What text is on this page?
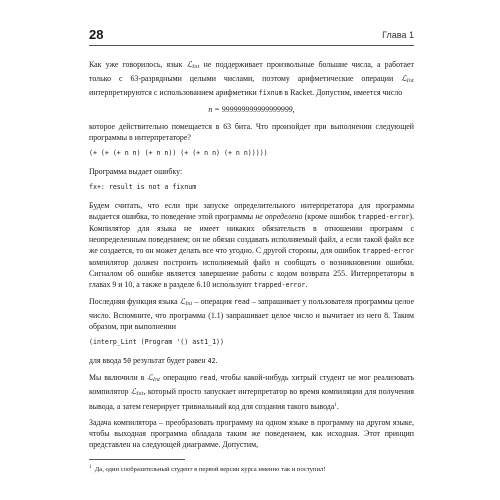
28	Глава 1

Как уже говорилось, язык ℒ$_{Int}$ не поддерживает произвольные большие числа, а работает только с 63-разрядными целыми числами, поэтому арифметические операции ℒ$_{Int}$ интерпретируются с использованием арифметики fixnum в Racket. Допустим, имеется число

n = 999999999999999999,

которое действительно помещается в 63 бита. Что произойдет при выполнении следующей программы в интерпретаторе?

(+ (+ (+ n n) (+ n n)) (+ (+ n n) (+ n n)))))

Программа выдает ошибку:

fx+: result is not a fixnum

Будем считать, что если при запуске определительного интерпретатора для программы выдается ошибка, то поведение этой программы не определено (кроме ошибок trapped-error). Компилятор для языка не имеет никаких обязательств в отношении программ с неопределенным поведением; он не обязан создавать исполняемый файл, а если такой файл все же создается, то он может делать все что угодно. С другой стороны, для ошибок trapped-error компилятор должен построить исполняемый файл и сообщать о возникновении ошибки. Сигналом об ошибке является завершение работы с кодом возврата 255. Интерпретаторы в главах 9 и 10, а также в разделе 6.10 используют trapped-error.

Последняя функция языка ℒ$_{Int}$ – операция read – запрашивает у пользователя программы целое число. Вспомните, что программа (1.1) запрашивает целое число и вычитает из него 8. Таким образом, при выполнении

(interp_Lint (Program '() ast1_1))

для ввода 50 результат будет равен 42.

Мы включили в ℒ$_{Int}$ операцию read, чтобы какой-нибудь хитрый студент не мог реализовать компилятор ℒ$_{Int}$, который просто запускает интерпретатор во время компиляции для получения вывода, а затем генерирует тривиальный код для создания такого вывода$^1$.

Задача компилятора – преобразовать программу на одном языке в программу на другом языке, чтобы выходная программа обладала таким же поведением, как исходная. Этот принцип представлен на следующей диаграмме. Допустим,

$^1$ Да, один сообразительный студент в первой версии курса именно так и поступил!
